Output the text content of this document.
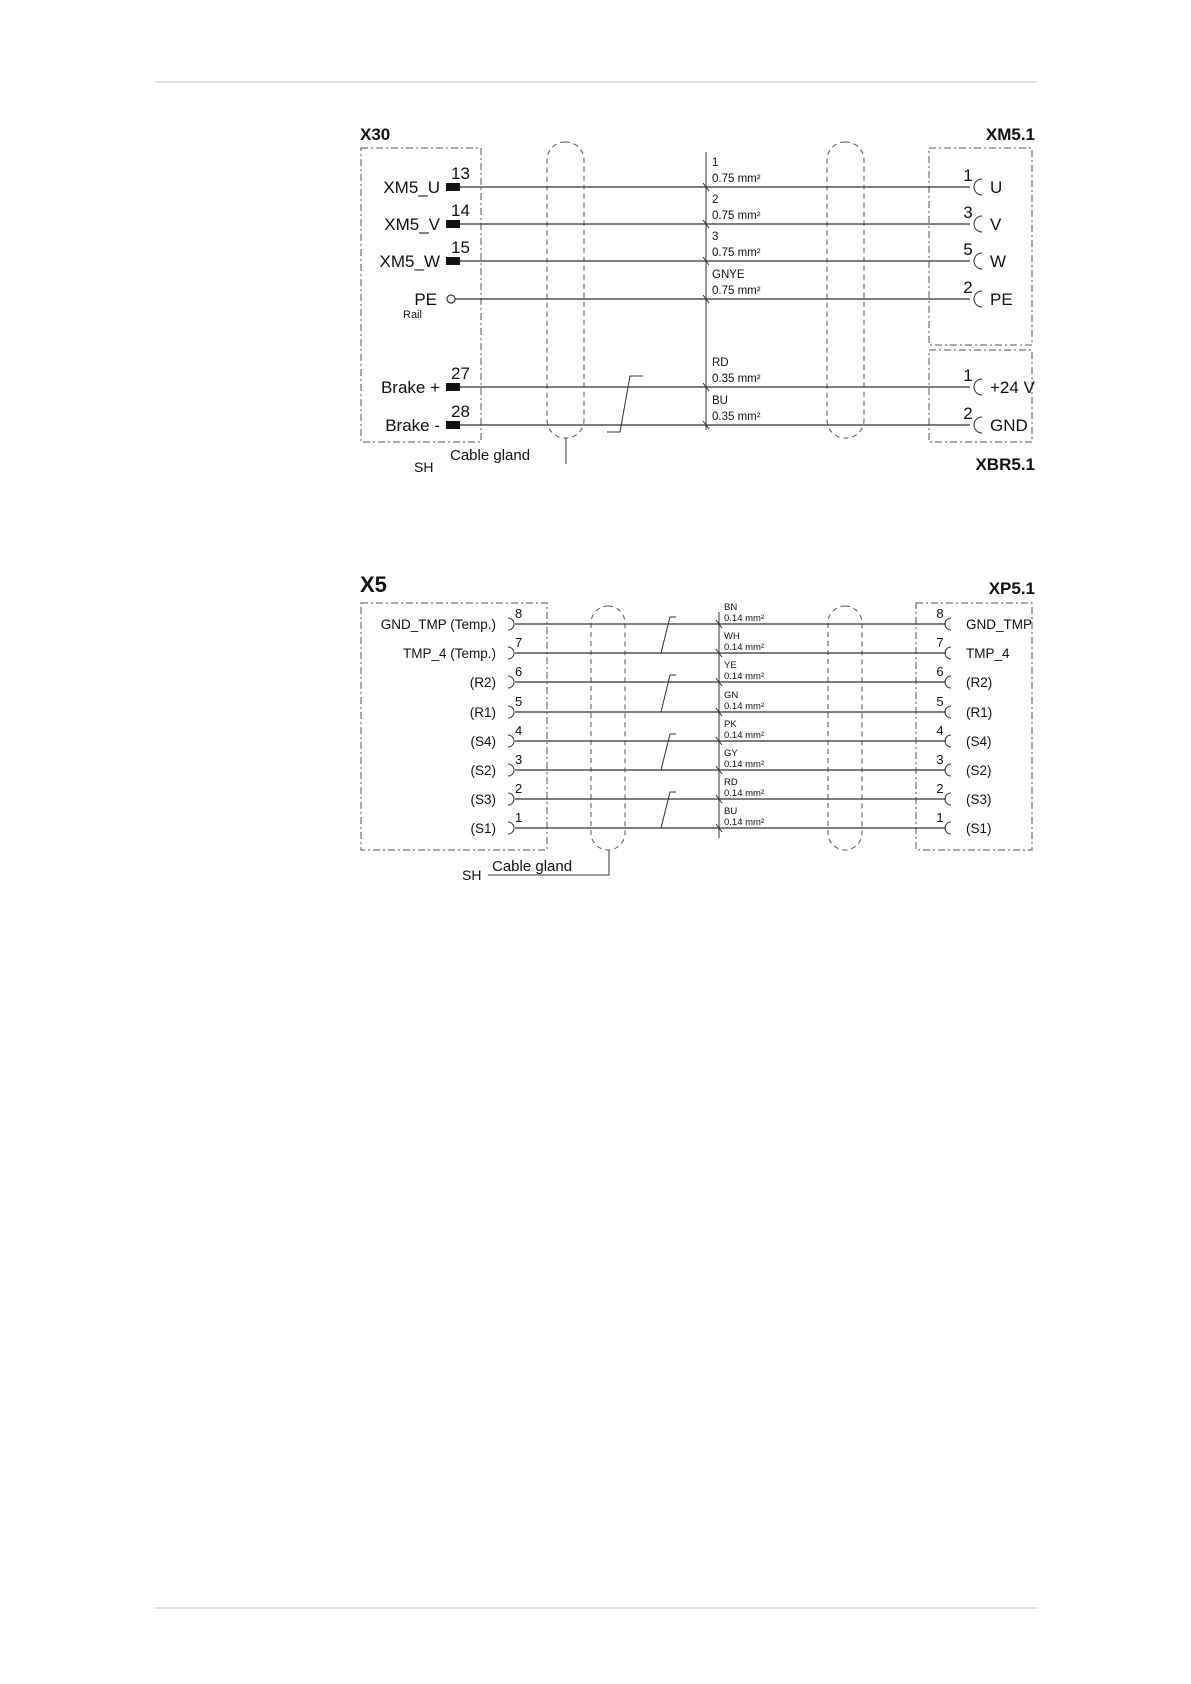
X30	XM5.1
XBR5.1
Cable gland
SH
Rail
13
XM5_U
1
0.75 mm²	1
U
14
XM5_V
2
0.75 mm²	3
V
15
XM5_W
3
0.75 mm²	5
W
PE
GNYE
0.75 mm²	2
PE
27
Brake +
RD
0.35 mm²	1
+24 V
28
Brake -
BU
0.35 mm²	2
GND
X5	XP5.1
Cable gland
SH
8
GND_TMP (Temp.)
BN
0.14 mm²	8
GND_TMP
7
TMP_4 (Temp.)
WH
0.14 mm²	7
TMP_4
6
(R2)
YE
0.14 mm²	6
(R2)
5
(R1)
GN
0.14 mm²	5
(R1)
4
(S4)
PK
0.14 mm²	4
(S4)
3
(S2)
GY
0.14 mm²	3
(S2)
2
(S3)
RD
0.14 mm²	2
(S3)
1
(S1)
BU
0.14 mm²	1
(S1)
